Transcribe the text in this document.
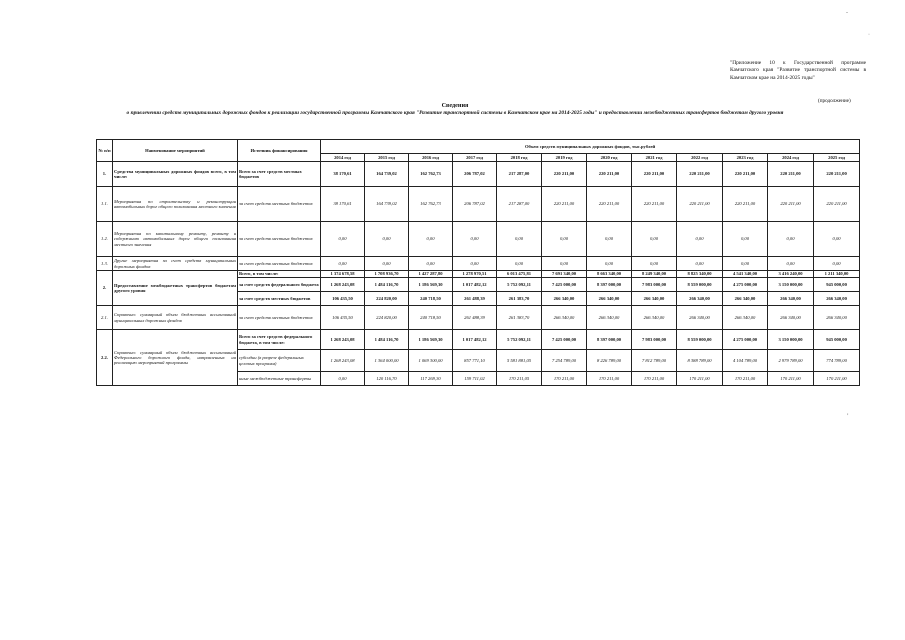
-
·
"Приложение 10 к Государственной программе Камчатского края "Развитие транспортной системы в Камчатском крае на 2014-2025 годы"
(продолжение)
Сведения
о привлечении средств муниципальных дорожных фондов к реализации государственной программы Камчатского края "Развитие транспортной системы в Камчатском крае на 2014-2025 годы" и предоставлении межбюджетных трансфертов бюджетам другого уровня
№ п/п	Наименование мероприятий	Источник финансирования	Объем средств муниципальных дорожных фондов, тыс.рублей											
			2014 год	2015 год	2016 год	2017 год	2018 год	2019 год	2020 год	2021 год	2022 год	2023 год	2024 год	2025 год
1.	Средства муниципальных дорожных фондов всего, в том числе:	Всего за счет средств местных бюджетов	38 170,61	164 739,02	162 762,73	206 787,02	217 287,00	220 211,00	220 211,00	220 211,00	220 211,00	220 211,00	220 211,00	220 211,00
1.1.	Мероприятия по строительству и реконструкции автомобильных дорог общего пользования местного значения	за счет средств местных бюджетов	38 170,61	164 739,02	162 762,73	206 787,02	217 287,00	220 211,00	220 211,00	220 211,00	220 211,00	220 211,00	220 211,00	220 211,00
1.2.	Мероприятия по капитальному ремонту, ремонту и содержанию автомобильных дорог общего пользования местного значения	за счет средств местных бюджетов	0,00	0,00	0,00	0,00	0,00	0,00	0,00	0,00	0,00	0,00	0,00	0,00
1.3.	Другие мероприятия за счет средств муниципальных дорожных фондов	за счет средств местных бюджетов	0,00	0,00	0,00	0,00	0,00	0,00	0,00	0,00	0,00	0,00	0,00	0,00
2.	Предоставление межбюджетных трансфертов бюджетам другого уровня	Всего, в том числе:	1 374 678,58	1 708 936,70	1 427 287,80	1 278 970,51	6 013 475,81	7 691 340,00	8 663 340,00	8 249 340,00	8 825 340,00	4 541 340,00	3 416 240,00	1 211 340,00
		за счет средств федерального бюджета	1 268 243,08	1 484 116,70	1 186 569,30	1 017 482,12	5 752 092,11	7 425 000,00	8 397 000,00	7 983 000,00	8 559 000,00	4 275 000,00	3 150 000,00	945 000,00
		за счет средств местных бюджетов	106 435,50	224 820,00	240 718,50	261 488,39	261 383,70	266 340,00	266 340,00	266 340,00	266 340,00	266 340,00	266 340,00	266 340,00
2.1.	Справочно: суммарный объем бюджетных ассигнований муниципальных дорожных фондов	за счет средств местных бюджетов	106 435,50	224 820,00	240 718,50	261 488,39	261 383,70	266 340,00	266 340,00	266 340,00	266 340,00	266 340,00	266 340,00	266 340,00
2.2.	Справочно: суммарный объем бюджетных ассигнований Федерального дорожного фонда, направленных на реализацию мероприятий программы	Всего за счет средств федерального бюджета, в том числе:	1 268 243,08	1 484 116,70	1 186 569,30	1 017 482,12	5 752 092,11	7 425 000,00	8 397 000,00	7 983 000,00	8 559 000,00	4 275 000,00	3 150 000,00	945 000,00
		субсидии (в разрезе федеральных целевых программ)	1 268 243,08	1 364 000,00	1 069 300,00	857 771,10	5 581 881,05	7 254 789,00	8 226 789,00	7 812 789,00	8 388 789,00	4 104 789,00	2 979 789,00	774 789,00
		иные межбюджетные трансферты	0,00	120 116,70	117 269,30	159 711,02	170 211,05	170 211,00	170 211,00	170 211,00	170 211,00	170 211,00	170 211,00	170 211,00
,
